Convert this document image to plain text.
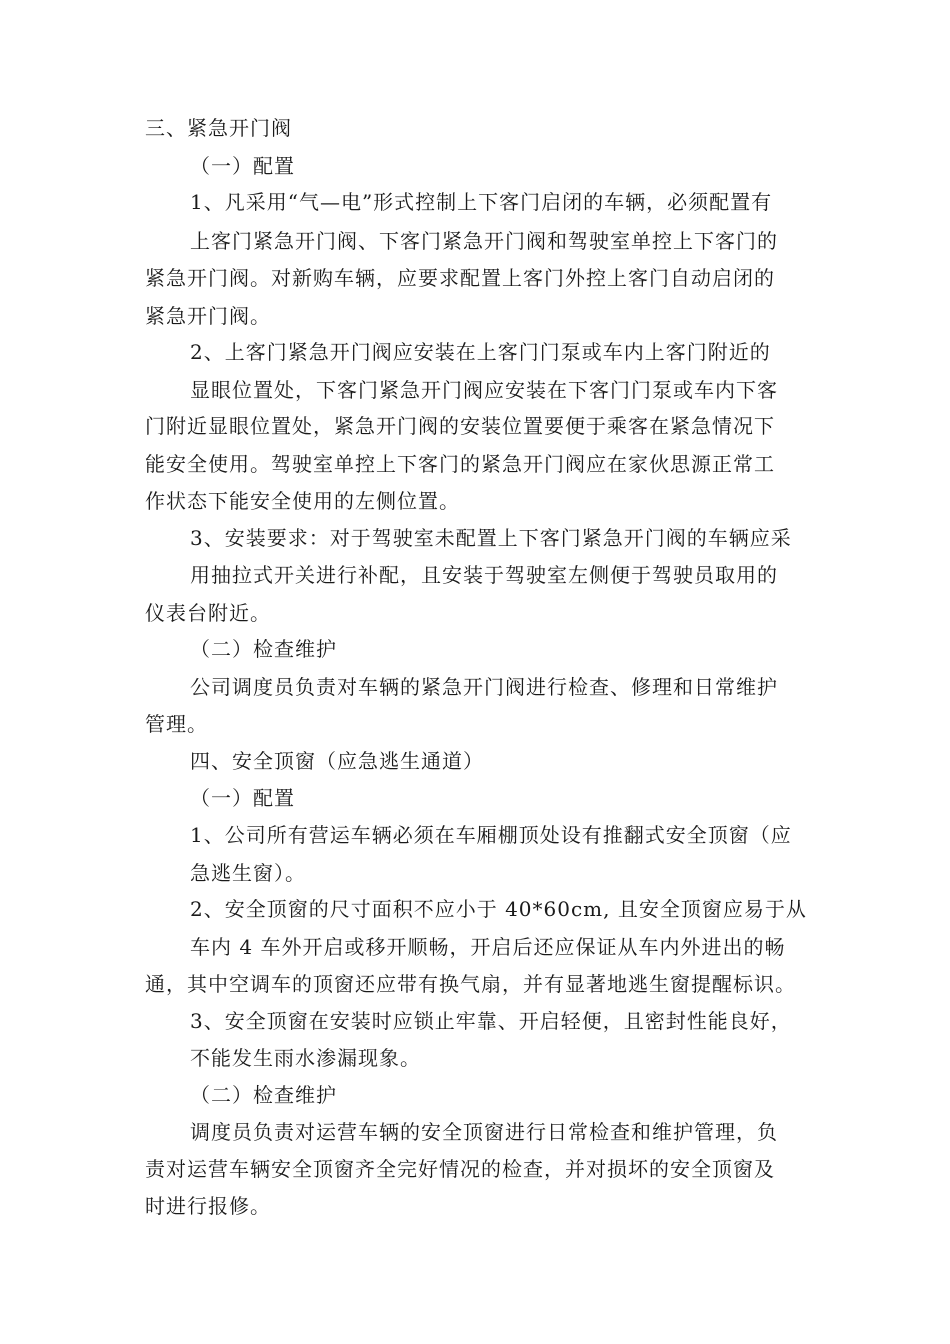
三、紧急开门阀
（一）配置
1、凡采用“气—电”形式控制上下客门启闭的车辆，必须配置有
上客门紧急开门阀、下客门紧急开门阀和驾驶室单控上下客门的
紧急开门阀。对新购车辆，应要求配置上客门外控上客门自动启闭的
紧急开门阀。
2、上客门紧急开门阀应安装在上客门门泵或车内上客门附近的
显眼位置处，下客门紧急开门阀应安装在下客门门泵或车内下客
门附近显眼位置处，紧急开门阀的安装位置要便于乘客在紧急情况下
能安全使用。驾驶室单控上下客门的紧急开门阀应在家伙思源正常工
作状态下能安全使用的左侧位置。
3、安装要求：对于驾驶室未配置上下客门紧急开门阀的车辆应采
用抽拉式开关进行补配，且安装于驾驶室左侧便于驾驶员取用的
仪表台附近。
（二）检查维护
公司调度员负责对车辆的紧急开门阀进行检查、修理和日常维护
管理。
四、安全顶窗（应急逃生通道）
（一）配置
1、公司所有营运车辆必须在车厢棚顶处设有推翻式安全顶窗（应
急逃生窗）。
2、安全顶窗的尺寸面积不应小于 40*60cm, 且安全顶窗应易于从
车内 4 车外开启或移开顺畅，开启后还应保证从车内外进出的畅
通，其中空调车的顶窗还应带有换气扇，并有显著地逃生窗提醒标识。
3、安全顶窗在安装时应锁止牢靠、开启轻便，且密封性能良好，
不能发生雨水渗漏现象。
（二）检查维护
调度员负责对运营车辆的安全顶窗进行日常检查和维护管理，负
责对运营车辆安全顶窗齐全完好情况的检查，并对损坏的安全顶窗及
时进行报修。
